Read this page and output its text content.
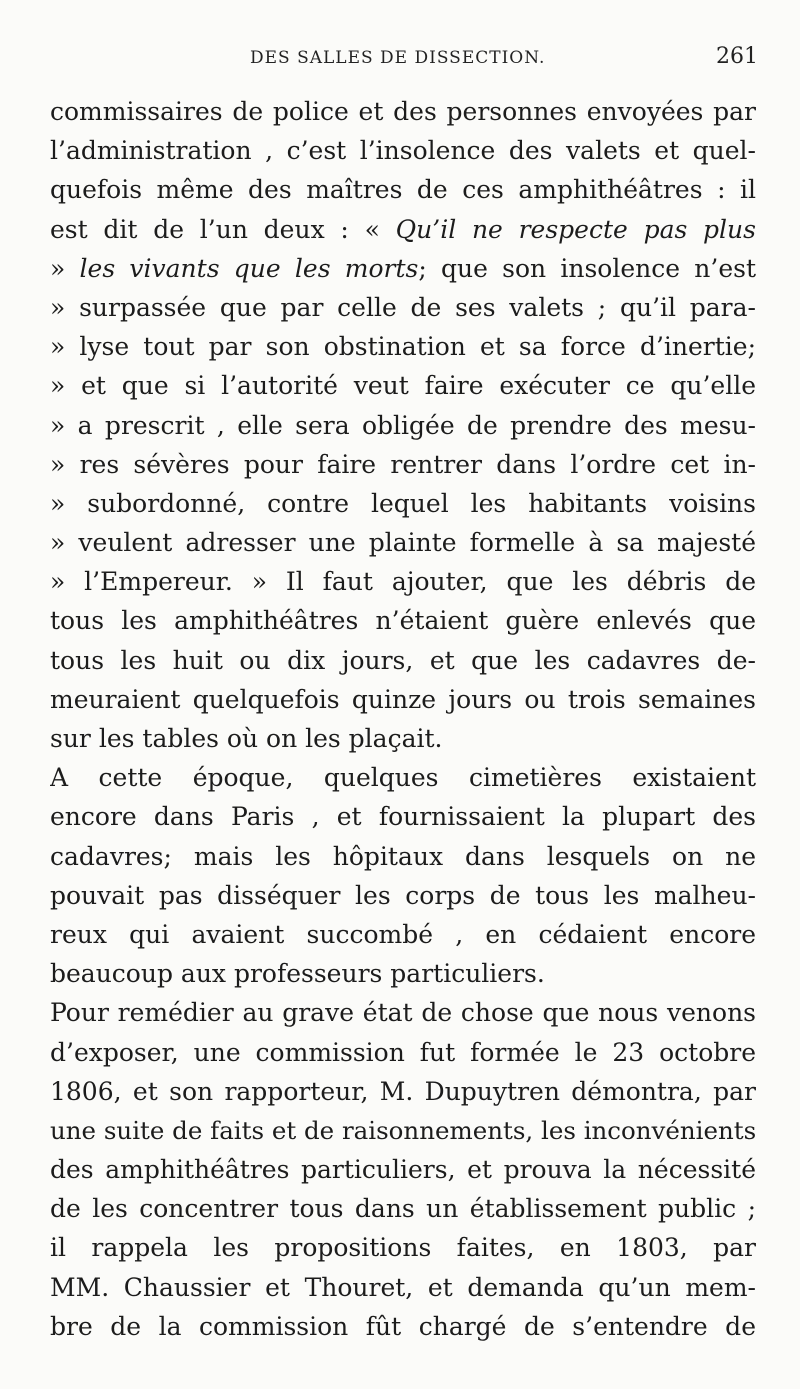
DES SALLES DE DISSECTION.	261
commissaires de police et des personnes envoyées par
l’administration , c’est l’insolence des valets et quel-
quefois même des maîtres de ces amphithéâtres : il
est dit de l’un deux : « Qu’il ne respecte pas plus
» les vivants que les morts; que son insolence n’est
» surpassée que par celle de ses valets ; qu’il para-
» lyse tout par son obstination et sa force d’inertie;
» et que si l’autorité veut faire exécuter ce qu’elle
» a prescrit , elle sera obligée de prendre des mesu-
» res sévères pour faire rentrer dans l’ordre cet in-
» subordonné, contre lequel les habitants voisins
» veulent adresser une plainte formelle à sa majesté
» l’Empereur. » Il faut ajouter, que les débris de
tous les amphithéâtres n’étaient guère enlevés que
tous les huit ou dix jours, et que les cadavres de-
meuraient quelquefois quinze jours ou trois semaines
sur les tables où on les plaçait.
A cette époque, quelques cimetières existaient
encore dans Paris , et fournissaient la plupart des
cadavres; mais les hôpitaux dans lesquels on ne
pouvait pas disséquer les corps de tous les malheu-
reux qui avaient succombé , en cédaient encore
beaucoup aux professeurs particuliers.
Pour remédier au grave état de chose que nous venons
d’exposer, une commission fut formée le 23 octobre
1806, et son rapporteur, M. Dupuytren démontra, par
une suite de faits et de raisonnements, les inconvénients
des amphithéâtres particuliers, et prouva la nécessité
de les concentrer tous dans un établissement public ;
il rappela les propositions faites, en 1803, par
MM. Chaussier et Thouret, et demanda qu’un mem-
bre de la commission fût chargé de s’entendre de
